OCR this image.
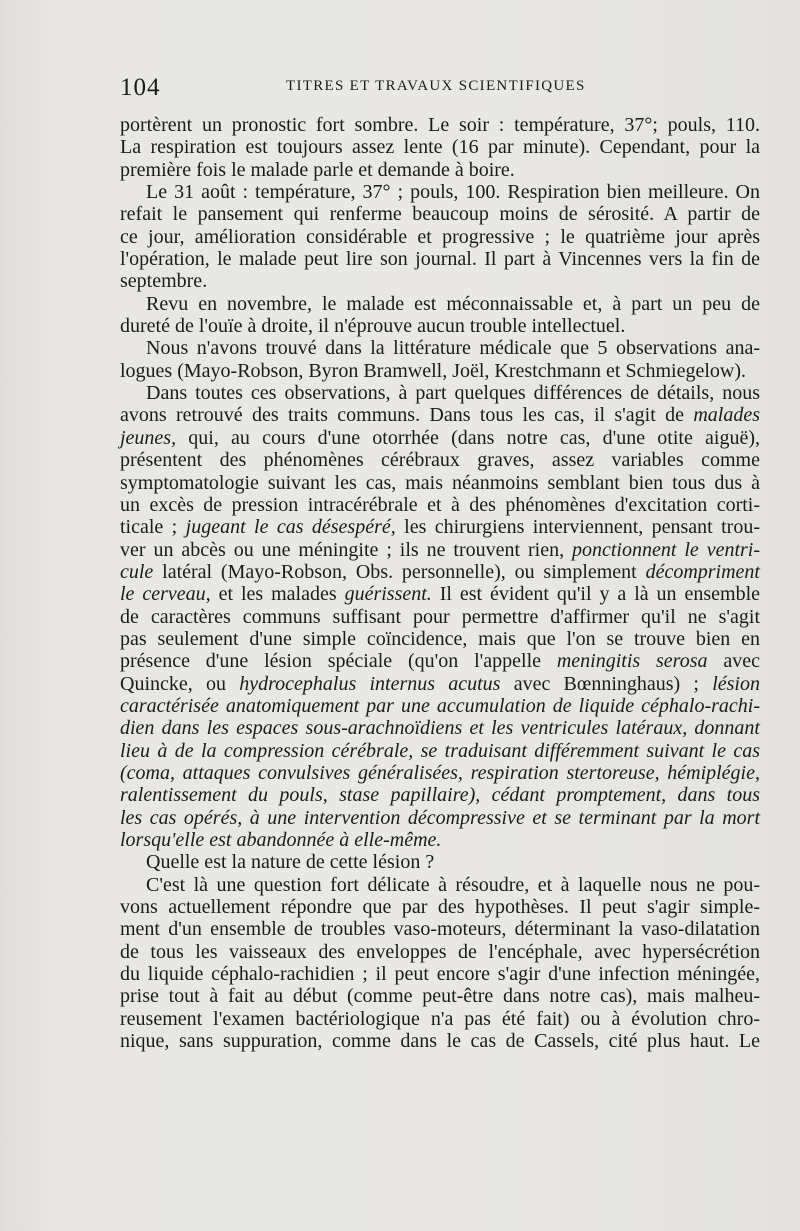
104	TITRES ET TRAVAUX SCIENTIFIQUES
portèrent un pronostic fort sombre. Le soir : température, 37°; pouls, 110.
La respiration est toujours assez lente (16 par minute). Cependant, pour la
première fois le malade parle et demande à boire.
Le 31 août : température, 37° ; pouls, 100. Respiration bien meilleure. On
refait le pansement qui renferme beaucoup moins de sérosité. A partir de
ce jour, amélioration considérable et progressive ; le quatrième jour après
l'opération, le malade peut lire son journal. Il part à Vincennes vers la fin de
septembre.
Revu en novembre, le malade est méconnaissable et, à part un peu de
dureté de l'ouïe à droite, il n'éprouve aucun trouble intellectuel.
Nous n'avons trouvé dans la littérature médicale que 5 observations ana-
logues (Mayo-Robson, Byron Bramwell, Joël, Krestchmann et Schmiegelow).
Dans toutes ces observations, à part quelques différences de détails, nous
avons retrouvé des traits communs. Dans tous les cas, il s'agit de malades
jeunes, qui, au cours d'une otorrhée (dans notre cas, d'une otite aiguë),
présentent des phénomènes cérébraux graves, assez variables comme
symptomatologie suivant les cas, mais néanmoins semblant bien tous dus à
un excès de pression intracérébrale et à des phénomènes d'excitation corti-
ticale ; jugeant le cas désespéré, les chirurgiens interviennent, pensant trou-
ver un abcès ou une méningite ; ils ne trouvent rien, ponctionnent le ventri-
cule latéral (Mayo-Robson, Obs. personnelle), ou simplement décompriment
le cerveau, et les malades guérissent. Il est évident qu'il y a là un ensemble
de caractères communs suffisant pour permettre d'affirmer qu'il ne s'agit
pas seulement d'une simple coïncidence, mais que l'on se trouve bien en
présence d'une lésion spéciale (qu'on l'appelle meningitis serosa avec
Quincke, ou hydrocephalus internus acutus avec Bœnninghaus) ; lésion
caractérisée anatomiquement par une accumulation de liquide céphalo-rachi-
dien dans les espaces sous-arachnoïdiens et les ventricules latéraux, donnant
lieu à de la compression cérébrale, se traduisant différemment suivant le cas
(coma, attaques convulsives généralisées, respiration stertoreuse, hémiplégie,
ralentissement du pouls, stase papillaire), cédant promptement, dans tous
les cas opérés, à une intervention décompressive et se terminant par la mort
lorsqu'elle est abandonnée à elle-même.
Quelle est la nature de cette lésion ?
C'est là une question fort délicate à résoudre, et à laquelle nous ne pou-
vons actuellement répondre que par des hypothèses. Il peut s'agir simple-
ment d'un ensemble de troubles vaso-moteurs, déterminant la vaso-dilatation
de tous les vaisseaux des enveloppes de l'encéphale, avec hypersécrétion
du liquide céphalo-rachidien ; il peut encore s'agir d'une infection méningée,
prise tout à fait au début (comme peut-être dans notre cas), mais malheu-
reusement l'examen bactériologique n'a pas été fait) ou à évolution chro-
nique, sans suppuration, comme dans le cas de Cassels, cité plus haut. Le
